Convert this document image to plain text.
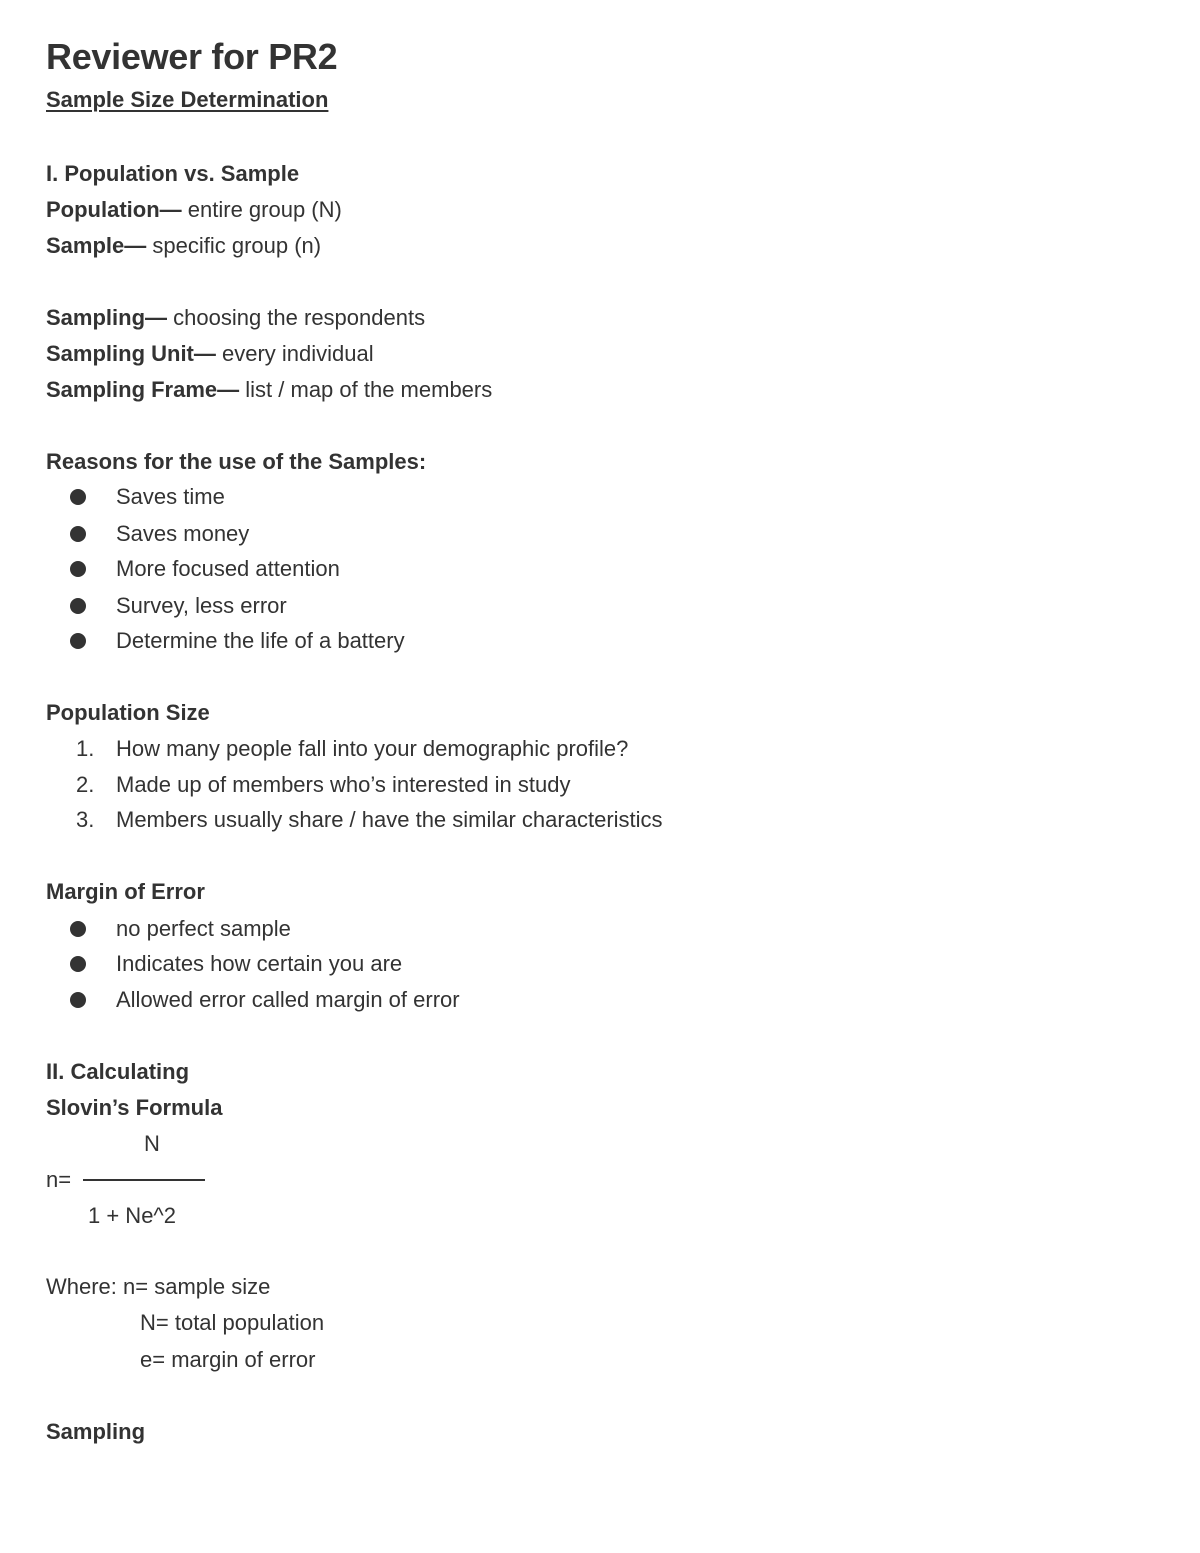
Reviewer for PR2
Sample Size Determination
I. Population vs. Sample
Population— entire group (N)
Sample— specific group (n)
Sampling— choosing the respondents
Sampling Unit— every individual
Sampling Frame— list / map of the members
Reasons for the use of the Samples:
Saves time
Saves money
More focused attention
Survey, less error
Determine the life of a battery
Population Size
1. How many people fall into your demographic profile?
2. Made up of members who’s interested in study
3. Members usually share / have the similar characteristics
Margin of Error
no perfect sample
Indicates how certain you are
Allowed error called margin of error
II. Calculating
Slovin’s Formula
N
n=
1 + Ne^2
Where: n= sample size
N= total population
e= margin of error
Sampling
